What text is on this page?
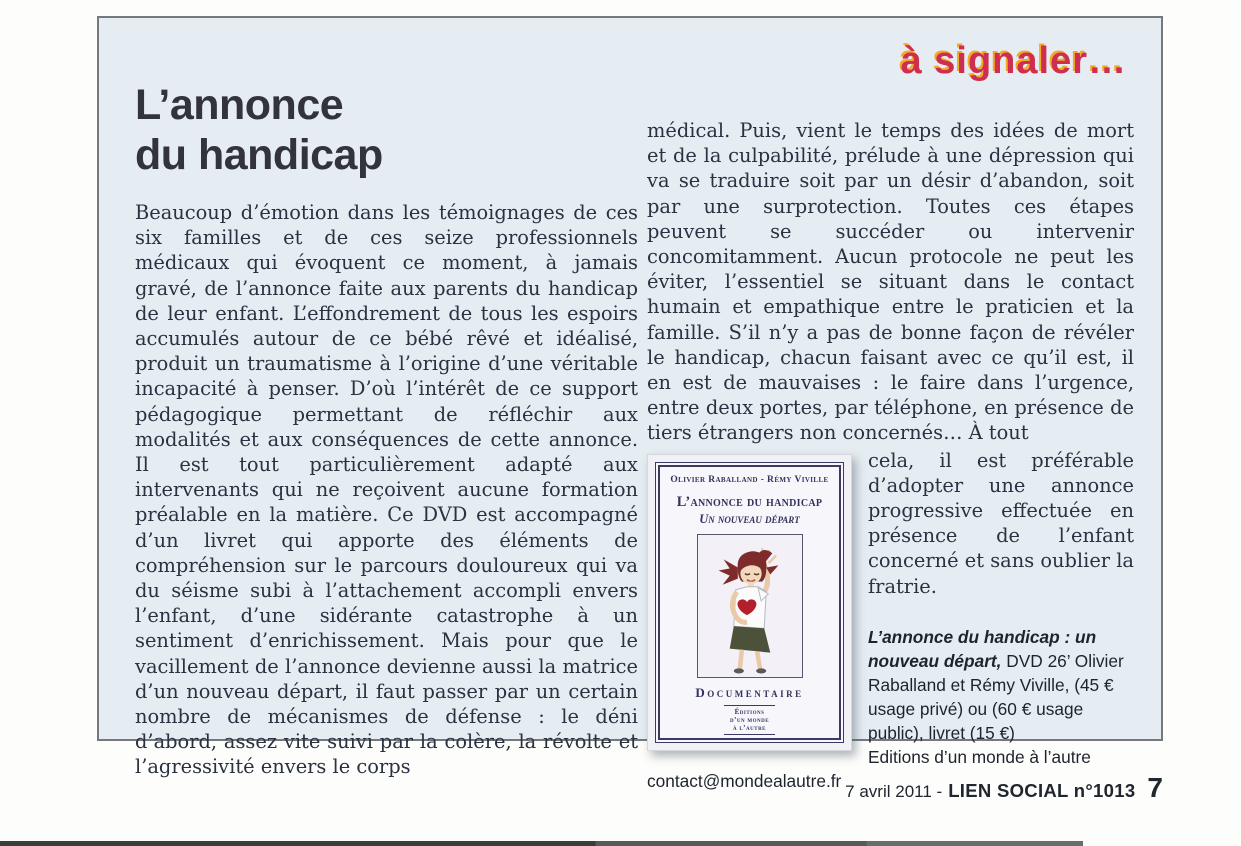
à signaler…
L’annonce
du handicap

Beaucoup d’émotion dans les témoignages de ces six familles et de ces seize professionnels médicaux qui évoquent ce moment, à jamais gravé, de l’annonce faite aux parents du handicap de leur enfant. L’effondrement de tous les espoirs accumulés autour de ce bébé rêvé et idéalisé, produit un traumatisme à l’origine d’une véritable incapacité à penser. D’où l’intérêt de ce support pédagogique permettant de réfléchir aux modalités et aux conséquences de cette annonce. Il est tout particulièrement adapté aux intervenants qui ne reçoivent aucune formation préalable en la matière. Ce DVD est accompagné d’un livret qui apporte des éléments de compréhension sur le parcours douloureux qui va du séisme subi à l’attachement accompli envers l’enfant, d’une sidérante catastrophe à un sentiment d’enrichissement. Mais pour que le vacillement de l’annonce devienne aussi la matrice d’un nouveau départ, il faut passer par un certain nombre de mécanismes de défense : le déni d’abord, assez vite suivi par la colère, la révolte et l’agressivité envers le corps

médical. Puis, vient le temps des idées de mort et de la culpabilité, prélude à une dépression qui va se traduire soit par un désir d’abandon, soit par une surprotection. Toutes ces étapes peuvent se succéder ou intervenir concomitamment. Aucun protocole ne peut les éviter, l’essentiel se situant dans le contact humain et empathique entre le praticien et la famille. S’il n’y a pas de bonne façon de révéler le handicap, chacun faisant avec ce qu’il est, il en est de mauvaises : le faire dans l’urgence, entre deux portes, par téléphone, en présence de tiers étrangers non concernés… À tout

Olivier Raballand - Rémy Viville
L’annonce du handicap
Un nouveau départ
Documentaire
Éditions
d’un monde
à l’autre

cela, il est préférable d’adopter une annonce progressive effectuée en présence de l’enfant concerné et sans oublier la fratrie.

L’annonce du handicap : un nouveau départ, DVD 26’ Olivier Raballand et Rémy Viville, (45 € usage privé) ou (60 € usage public), livret (15 €)
Editions d’un monde à l’autre
contact@mondealautre.fr
7 avril 2011 - LIEN SOCIAL n°1013 7
